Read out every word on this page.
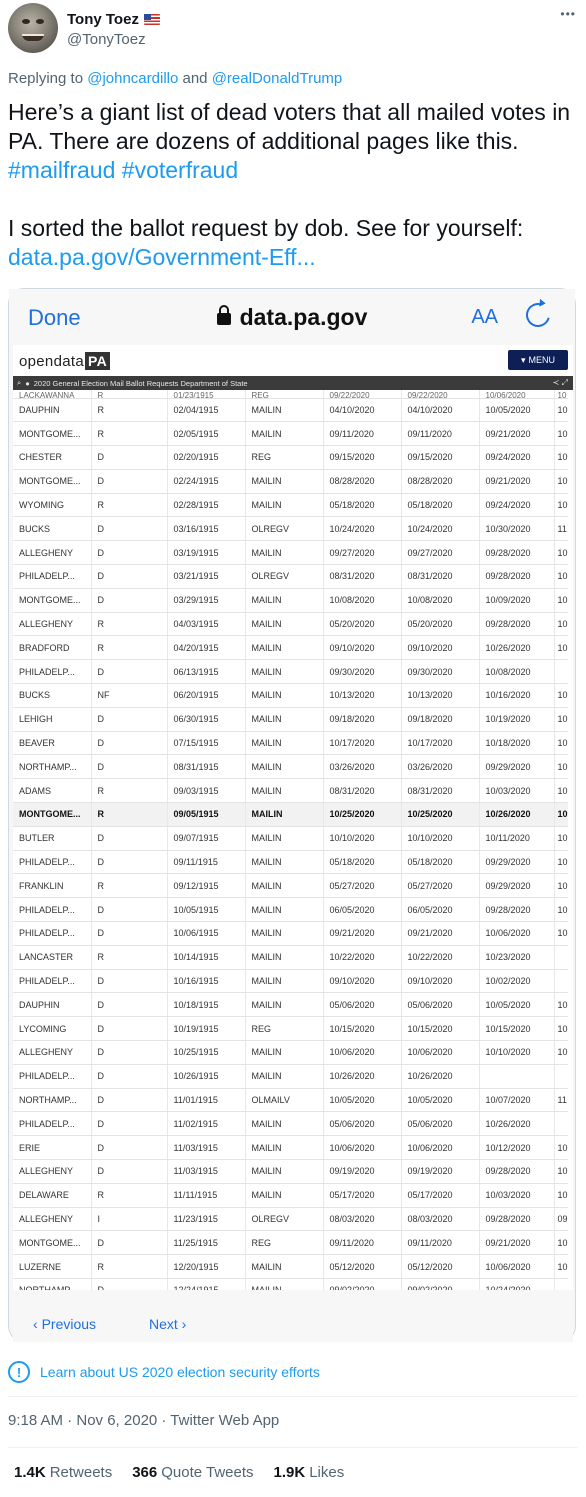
Tony Toez
@TonyToez
•••
Replying to @johncardillo and @realDonaldTrump
Here’s a giant list of dead voters that all mailed votes in PA. There are dozens of additional pages like this.
#mailfraud #voterfraud
I sorted the ballot request by dob. See for yourself:
data.pa.gov/Government-Eff...
Done	data.pa.gov	AA
opendata PA	▾ MENU
⌕ ● 2020 General Election Mail Ballot Requests Department of State	≺ ⤢
LACKAWANNA	R	01/23/1915	REG	09/22/2020	09/22/2020	10/06/2020	10
DAUPHIN	R	02/04/1915	MAILIN	04/10/2020	04/10/2020	10/05/2020	10
MONTGOME...	R	02/05/1915	MAILIN	09/11/2020	09/11/2020	09/21/2020	10
CHESTER	D	02/20/1915	REG	09/15/2020	09/15/2020	09/24/2020	10
MONTGOME...	D	02/24/1915	MAILIN	08/28/2020	08/28/2020	09/21/2020	10
WYOMING	R	02/28/1915	MAILIN	05/18/2020	05/18/2020	09/24/2020	10
BUCKS	D	03/16/1915	OLREGV	10/24/2020	10/24/2020	10/30/2020	11
ALLEGHENY	D	03/19/1915	MAILIN	09/27/2020	09/27/2020	09/28/2020	10
PHILADELP...	D	03/21/1915	OLREGV	08/31/2020	08/31/2020	09/28/2020	10
MONTGOME...	D	03/29/1915	MAILIN	10/08/2020	10/08/2020	10/09/2020	10
ALLEGHENY	R	04/03/1915	MAILIN	05/20/2020	05/20/2020	09/28/2020	10
BRADFORD	R	04/20/1915	MAILIN	09/10/2020	09/10/2020	10/26/2020	10
PHILADELP...	D	06/13/1915	MAILIN	09/30/2020	09/30/2020	10/08/2020	
BUCKS	NF	06/20/1915	MAILIN	10/13/2020	10/13/2020	10/16/2020	10
LEHIGH	D	06/30/1915	MAILIN	09/18/2020	09/18/2020	10/19/2020	10
BEAVER	D	07/15/1915	MAILIN	10/17/2020	10/17/2020	10/18/2020	10
NORTHAMP...	D	08/31/1915	MAILIN	03/26/2020	03/26/2020	09/29/2020	10
ADAMS	R	09/03/1915	MAILIN	08/31/2020	08/31/2020	10/03/2020	10
MONTGOME...	R	09/05/1915	MAILIN	10/25/2020	10/25/2020	10/26/2020	10
BUTLER	D	09/07/1915	MAILIN	10/10/2020	10/10/2020	10/11/2020	10
PHILADELP...	D	09/11/1915	MAILIN	05/18/2020	05/18/2020	09/29/2020	10
FRANKLIN	R	09/12/1915	MAILIN	05/27/2020	05/27/2020	09/29/2020	10
PHILADELP...	D	10/05/1915	MAILIN	06/05/2020	06/05/2020	09/28/2020	10
PHILADELP...	D	10/06/1915	MAILIN	09/21/2020	09/21/2020	10/06/2020	10
LANCASTER	R	10/14/1915	MAILIN	10/22/2020	10/22/2020	10/23/2020	
PHILADELP...	D	10/16/1915	MAILIN	09/10/2020	09/10/2020	10/02/2020	
DAUPHIN	D	10/18/1915	MAILIN	05/06/2020	05/06/2020	10/05/2020	10
LYCOMING	D	10/19/1915	REG	10/15/2020	10/15/2020	10/15/2020	10
ALLEGHENY	D	10/25/1915	MAILIN	10/06/2020	10/06/2020	10/10/2020	10
PHILADELP...	D	10/26/1915	MAILIN	10/26/2020	10/26/2020		
NORTHAMP...	D	11/01/1915	OLMAILV	10/05/2020	10/05/2020	10/07/2020	11
PHILADELP...	D	11/02/1915	MAILIN	05/06/2020	05/06/2020	10/26/2020	
ERIE	D	11/03/1915	MAILIN	10/06/2020	10/06/2020	10/12/2020	10
ALLEGHENY	D	11/03/1915	MAILIN	09/19/2020	09/19/2020	09/28/2020	10
DELAWARE	R	11/11/1915	MAILIN	05/17/2020	05/17/2020	10/03/2020	10
ALLEGHENY	I	11/23/1915	OLREGV	08/03/2020	08/03/2020	09/28/2020	09
MONTGOME...	D	11/25/1915	REG	09/11/2020	09/11/2020	09/21/2020	10
LUZERNE	R	12/20/1915	MAILIN	05/12/2020	05/12/2020	10/06/2020	10

‹ Previous	Next ›
!	Learn about US 2020 election security efforts
9:18 AM · Nov 6, 2020 · Twitter Web App
1.4K Retweets 366 Quote Tweets 1.9K Likes
